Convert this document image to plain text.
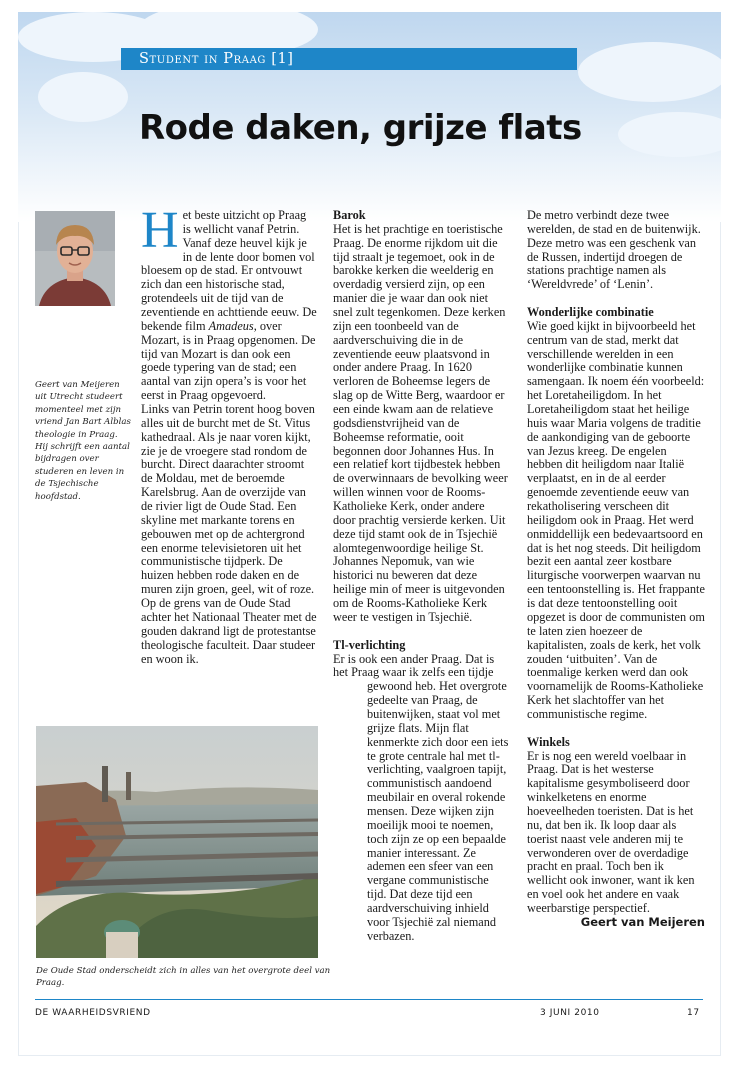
Student in Praag [1]
Rode daken, grijze flats

Geert van Meijeren uit Utrecht studeert momenteel met zijn vriend Jan Bart Alblas theologie in Praag. Hij schrijft een aantal bijdragen over studeren en leven in de Tsjechische hoofdstad.

Het beste uitzicht op Praag is wellicht vanaf Petrin. Vanaf deze heuvel kijk je in de lente door bomen vol bloesem op de stad. Er ontvouwt zich dan een historische stad, grotendeels uit de tijd van de zeventiende en achttiende eeuw. De bekende film Amadeus, over Mozart, is in Praag opgenomen. De tijd van Mozart is dan ook een goede typering van de stad; een aantal van zijn opera’s is voor het eerst in Praag opgevoerd.

Links van Petrin torent hoog boven alles uit de burcht met de St. Vitus kathedraal. Als je naar voren kijkt, zie je de vroegere stad rondom de burcht. Direct daarachter stroomt de Moldau, met de beroemde Karelsbrug. Aan de overzijde van de rivier ligt de Oude Stad. Een skyline met markante torens en gebouwen met op de achtergrond een enorme televisietoren uit het communistische tijdperk. De huizen hebben rode daken en de muren zijn groen, geel, wit of roze. Op de grens van de Oude Stad achter het Nationaal Theater met de gouden dakrand ligt de protestantse theologische faculteit. Daar studeer en woon ik.

Barok

Het is het prachtige en toeristische Praag. De enorme rijkdom uit die tijd straalt je tegemoet, ook in de barokke kerken die weelderig en overdadig versierd zijn, op een manier die je waar dan ook niet snel zult tegenkomen. Deze kerken zijn een toonbeeld van de aardverschuiving die in de zeventiende eeuw plaatsvond in onder andere Praag. In 1620 verloren de Boheemse legers de slag op de Witte Berg, waardoor er een einde kwam aan de relatieve godsdienstvrijheid van de Boheemse reformatie, ooit begonnen door Johannes Hus. In een relatief kort tijdbestek hebben de overwinnaars de bevolking weer willen winnen voor de Rooms-Katholieke Kerk, onder andere door prachtig versierde kerken. Uit deze tijd stamt ook de in Tsjechië alomtegenwoordige heilige St. Johannes Nepomuk, van wie historici nu beweren dat deze heilige min of meer is uitgevonden om de Rooms-Katholieke Kerk weer te vestigen in Tsjechië.

Tl-verlichting

Er is ook een ander Praag. Dat is het Praag waar ik zelfs een tijdje

gewoond heb. Het overgrote gedeelte van Praag, de buitenwijken, staat vol met grijze flats. Mijn flat kenmerkte zich door een iets te grote centrale hal met tl-verlichting, vaalgroen tapijt, communistisch aandoend meubilair en overal rokende mensen. Deze wijken zijn moeilijk mooi te noemen, toch zijn ze op een bepaalde manier interessant. Ze ademen een sfeer van een vergane communistische tijd. Dat deze tijd een aardverschuiving inhield voor Tsjechië zal niemand verbazen.

De metro verbindt deze twee werelden, de stad en de buitenwijk. Deze metro was een geschenk van de Russen, indertijd droegen de stations prachtige namen als ‘Wereldvrede’ of ‘Lenin’.

Wonderlijke combinatie

Wie goed kijkt in bijvoorbeeld het centrum van de stad, merkt dat verschillende werelden in een wonderlijke combinatie kunnen samengaan. Ik noem één voorbeeld: het Loretaheiligdom. In het Loretaheiligdom staat het heilige huis waar Maria volgens de traditie de aankondiging van de geboorte van Jezus kreeg. De engelen hebben dit heiligdom naar Italië verplaatst, en in de al eerder genoemde zeventiende eeuw van rekatholisering verscheen dit heiligdom ook in Praag. Het werd onmiddellijk een bedevaartsoord en dat is het nog steeds. Dit heiligdom bezit een aantal zeer kostbare liturgische voorwerpen waarvan nu een tentoonstelling is. Het frappante is dat deze tentoonstelling ooit opgezet is door de communisten om te laten zien hoezeer de kapitalisten, zoals de kerk, het volk zouden ‘uitbuiten’. Van de toenmalige kerken werd dan ook voornamelijk de Rooms-Katholieke Kerk het slachtoffer van het communistische regime.

Winkels

Er is nog een wereld voelbaar in Praag. Dat is het westerse kapitalisme gesymboliseerd door winkelketens en enorme hoeveelheden toeristen. Dat is het nu, dat ben ik. Ik loop daar als toerist naast vele anderen mij te verwonderen over de overdadige pracht en praal. Toch ben ik wellicht ook inwoner, want ik ken en voel ook het andere en vaak weerbarstige perspectief.

Geert van Meijeren

De Oude Stad onderscheidt zich in alles van het overgrote deel van Praag.

DE WAARHEIDSVRIEND	3 JUNI 2010	17
